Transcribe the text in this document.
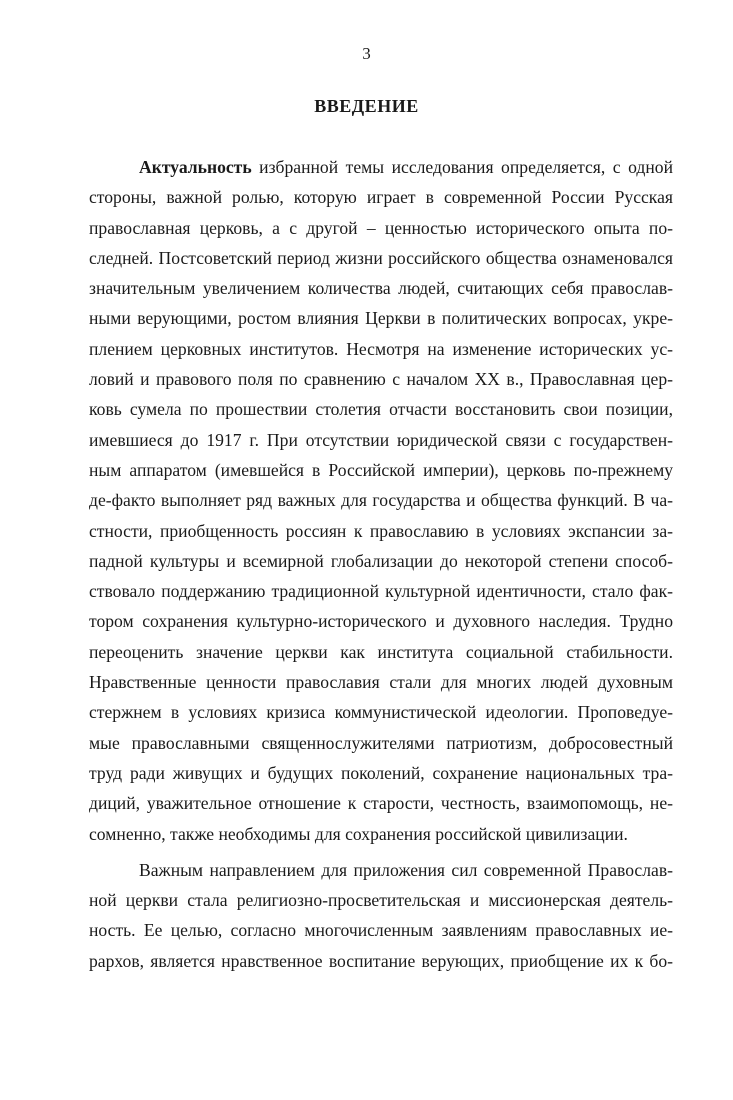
3
ВВЕДЕНИЕ
Актуальность избранной темы исследования определяется, с одной
стороны, важной ролью, которую играет в современной России Русская
православная церковь, а с другой – ценностью исторического опыта по-
следней. Постсоветский период жизни российского общества ознаменовался
значительным увеличением количества людей, считающих себя православ-
ными верующими, ростом влияния Церкви в политических вопросах, укре-
плением церковных институтов. Несмотря на изменение исторических ус-
ловий и правового поля по сравнению с началом XX в., Православная цер-
ковь сумела по прошествии столетия отчасти восстановить свои позиции,
имевшиеся до 1917 г. При отсутствии юридической связи с государствен-
ным аппаратом (имевшейся в Российской империи), церковь по-прежнему
де-факто выполняет ряд важных для государства и общества функций. В ча-
стности, приобщенность россиян к православию в условиях экспансии за-
падной культуры и всемирной глобализации до некоторой степени способ-
ствовало поддержанию традиционной культурной идентичности, стало фак-
тором сохранения культурно-исторического и духовного наследия. Трудно
переоценить значение церкви как института социальной стабильности.
Нравственные ценности православия стали для многих людей духовным
стержнем в условиях кризиса коммунистической идеологии. Проповедуе-
мые православными священнослужителями патриотизм, добросовестный
труд ради живущих и будущих поколений, сохранение национальных тра-
диций, уважительное отношение к старости, честность, взаимопомощь, не-
сомненно, также необходимы для сохранения российской цивилизации.
Важным направлением для приложения сил современной Православ-
ной церкви стала религиозно-просветительская и миссионерская деятель-
ность. Ее целью, согласно многочисленным заявлениям православных ие-
рархов, является нравственное воспитание верующих, приобщение их к бо-
